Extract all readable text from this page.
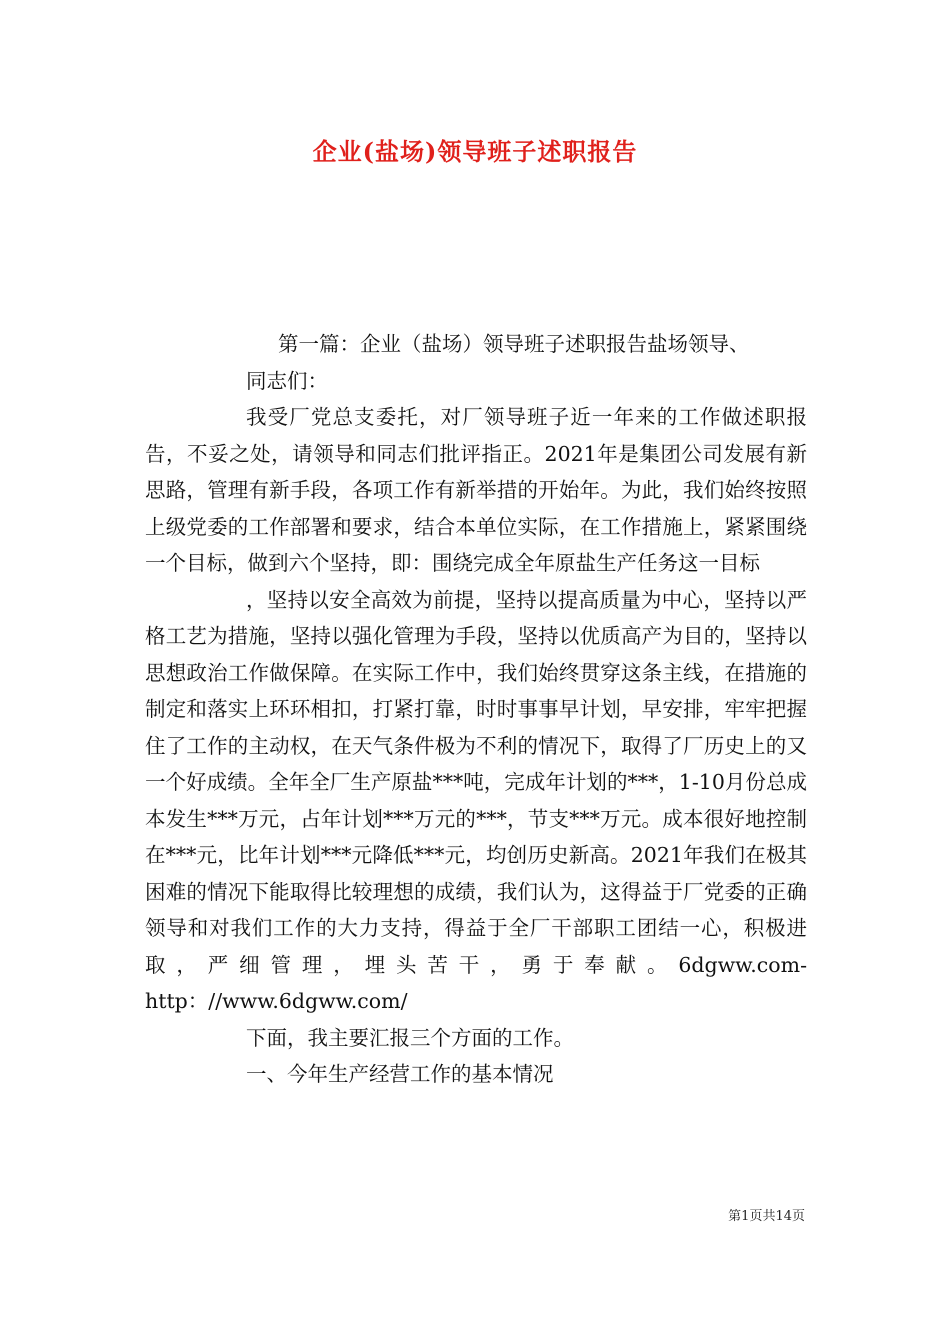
企业(盐场)领导班子述职报告

第一篇：企业（盐场）领导班子述职报告盐场领导、

同志们：

我受厂党总支委托，对厂领导班子近一年来的工作做述职报告，不妥之处，请领导和同志们批评指正。2021年是集团公司发展有新思路，管理有新手段，各项工作有新举措的开始年。为此，我们始终按照上级党委的工作部署和要求，结合本单位实际，在工作措施上，紧紧围绕一个目标，做到六个坚持，即：围绕完成全年原盐生产任务这一目标

，坚持以安全高效为前提，坚持以提高质量为中心，坚持以严格工艺为措施，坚持以强化管理为手段，坚持以优质高产为目的，坚持以思想政治工作做保障。在实际工作中，我们始终贯穿这条主线，在措施的制定和落实上环环相扣，打紧打靠，时时事事早计划，早安排，牢牢把握住了工作的主动权，在天气条件极为不利的情况下，取得了厂历史上的又一个好成绩。全年全厂生产原盐***吨，完成年计划的***，1-10月份总成本发生***万元，占年计划***万元的***，节支***万元。成本很好地控制在***元，比年计划***元降低***元，均创历史新高。2021年我们在极其困难的情况下能取得比较理想的成绩，我们认为，这得益于厂党委的正确领导和对我们工作的大力支持，得益于全厂干部职工团结一心，积极进取，严细管理，埋头苦干，勇于奉献。6dgww.com-http：//www.6dgww.com/

下面，我主要汇报三个方面的工作。

一、今年生产经营工作的基本情况

第1页共14页
